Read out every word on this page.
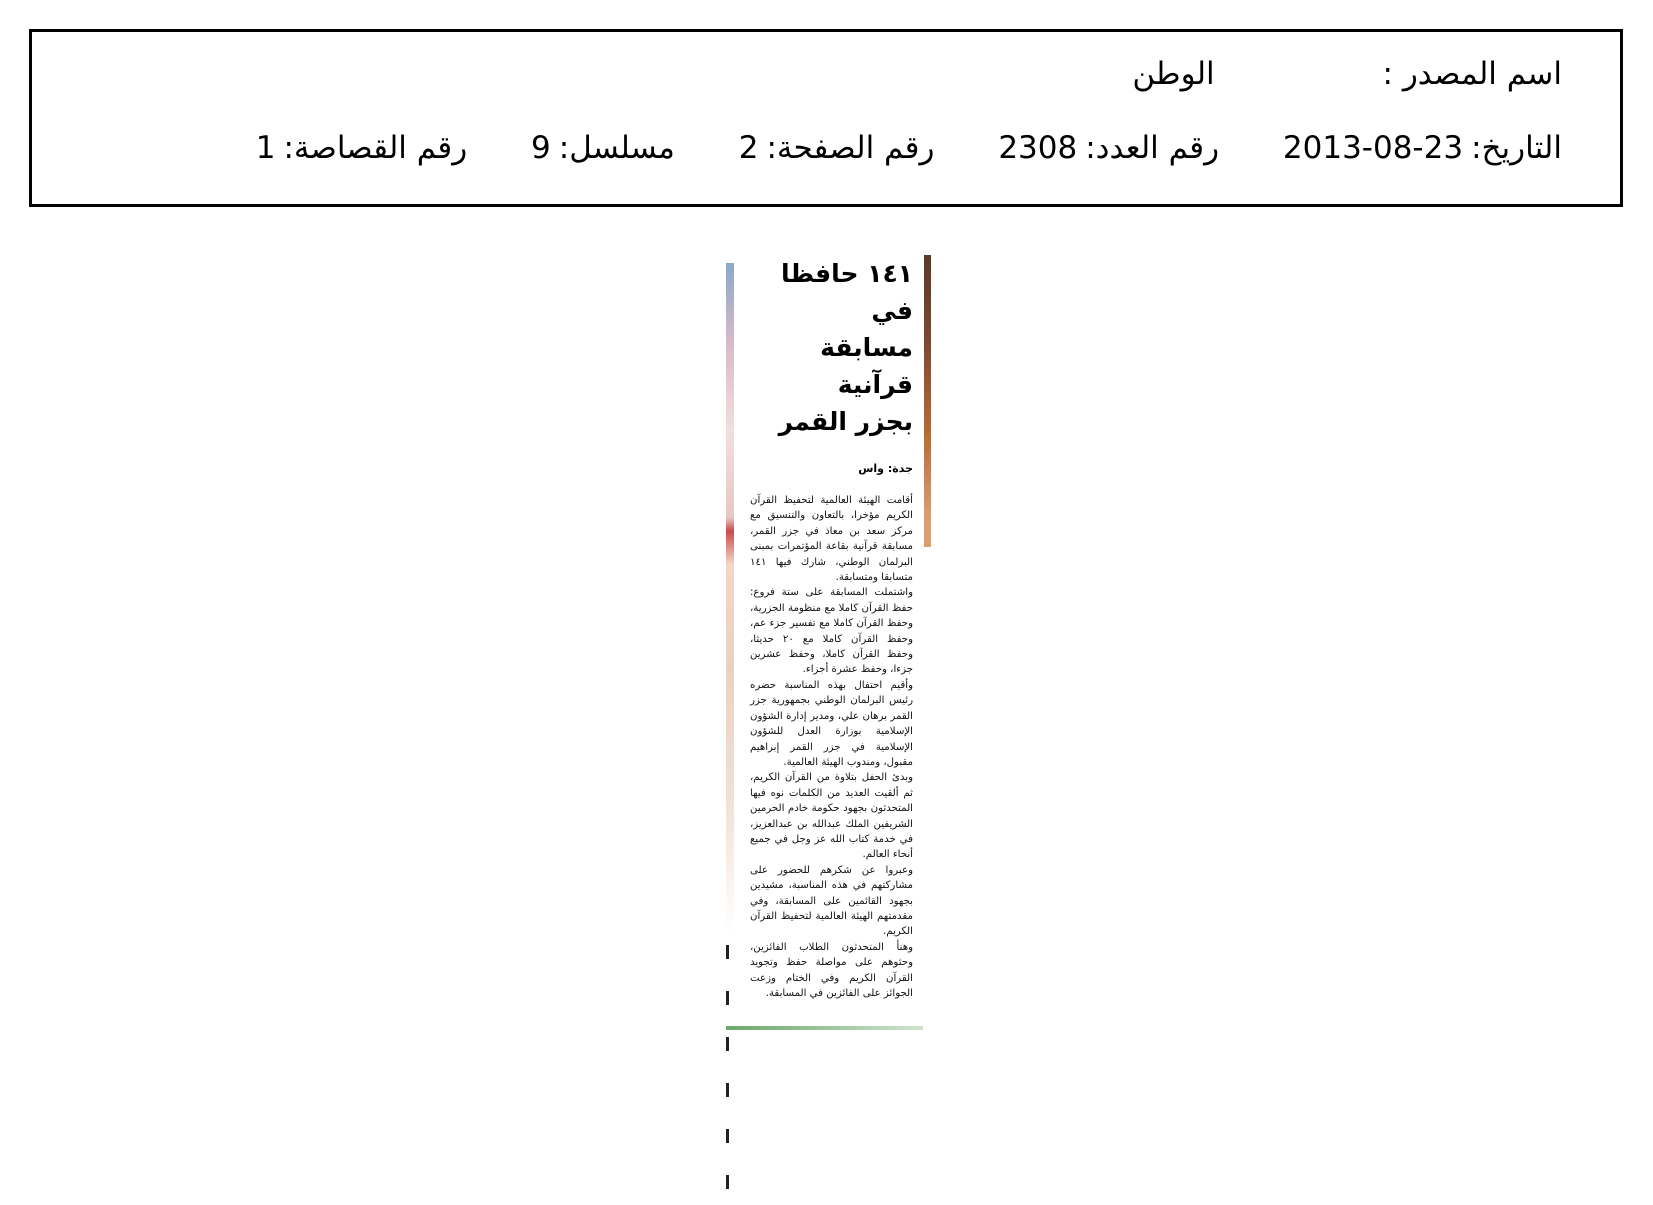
اسم المصدر : الوطن
التاريخ:2013-08-23 رقم العدد:2308 رقم الصفحة:2 مسلسل:9 رقم القصاصة:1
١٤١ حافظا في
مسابقة قرآنية
بجزر القمر
جدة: واس

أقامت الهيئة العالمية لتحفيظ القرآن الكريم مؤخرا، بالتعاون والتنسيق مع مركز سعد بن معاذ في جزر القمر، مسابقة قرآنية بقاعة المؤتمرات بمبنى البرلمان الوطني، شارك فيها ١٤١ متسابقا ومتسابقة.

واشتملت المسابقة على ستة فروع: حفظ القرآن كاملا مع منظومة الجزرية، وحفظ القرآن كاملا مع تفسير جزء عم، وحفظ القرآن كاملا مع ٢٠ حديثا، وحفظ القرآن كاملا، وحفظ عشرين جزءا، وحفظ عشرة أجزاء.

وأقيم احتفال بهذه المناسبة حضره رئيس البرلمان الوطني بجمهورية جزر القمر برهان علي، ومدير إدارة الشؤون الإسلامية بوزارة العدل للشؤون الإسلامية في جزر القمر إبراهيم مقبول، ومندوب الهيئة العالمية.

وبدئ الحفل بتلاوة من القرآن الكريم، ثم ألقيت العديد من الكلمات نوه فيها المتحدثون بجهود حكومة خادم الحرمين الشريفين الملك عبدالله بن عبدالعزيز، في خدمة كتاب الله عز وجل في جميع أنحاء العالم.

وعبروا عن شكرهم للحضور على مشاركتهم في هذه المناسبة، مشيدين بجهود القائمين على المسابقة، وفي مقدمتهم الهيئة العالمية لتحفيظ القرآن الكريم.

وهنأ المتحدثون الطلاب الفائزين، وحثوهم على مواصلة حفظ وتجويد القرآن الكريم وفي الختام وزعت الجوائز على الفائزين في المسابقة.
